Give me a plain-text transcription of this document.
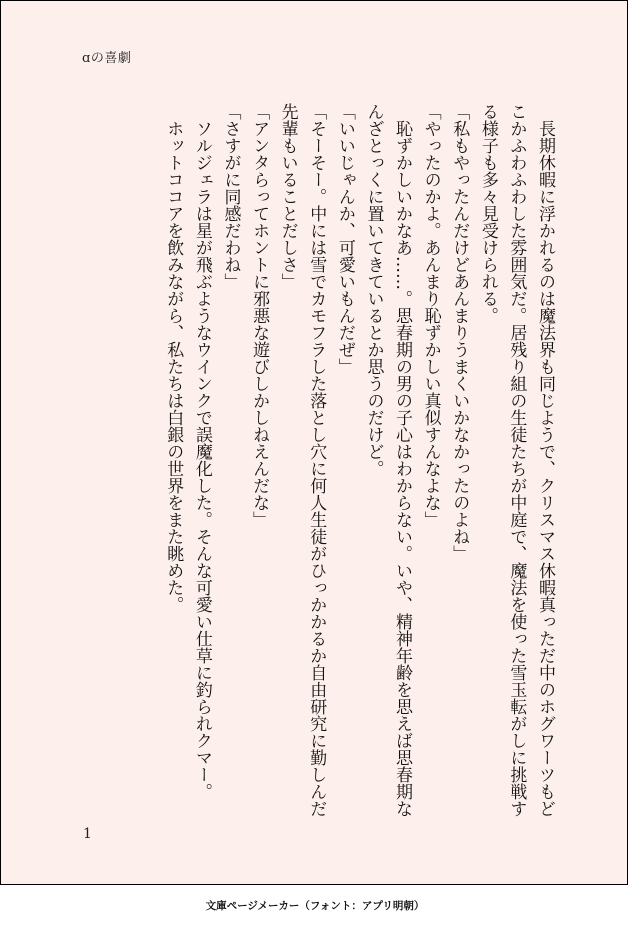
ɑの喜劇

長期休暇に浮かれるのは魔法界も同じようで、クリスマス休暇真っただ中のホグワーツもどこかふわふわした雰囲気だ。居残り組の生徒たちが中庭で、魔法を使った雪玉転がしに挑戦する様子も多々見受けられる。

「私もやったんだけどあんまりうまくいかなかったのよね」

「やったのかよ。あんまり恥ずかしい真似すんなよな」

恥ずかしいかなあ……。思春期の男の子心はわからない。いや、精神年齢を思えば思春期なんざとっくに置いてきているとか思うのだけど。

「いいじゃんか、可愛いもんだぜ」

「そーそー。中には雪でカモフラした落とし穴に何人生徒がひっかかるか自由研究に勤しんだ先輩もいることだしさ」

「アンタらってホントに邪悪な遊びしかしねえんだな」

「さすがに同感だわね」

ソルジェラは星が飛ぶようなウインクで誤魔化した。そんな可愛い仕草に釣られクマー。

ホットココアを飲みながら、私たちは白銀の世界をまた眺めた。

1
文庫ページメーカー（フォント：アプリ明朝）
